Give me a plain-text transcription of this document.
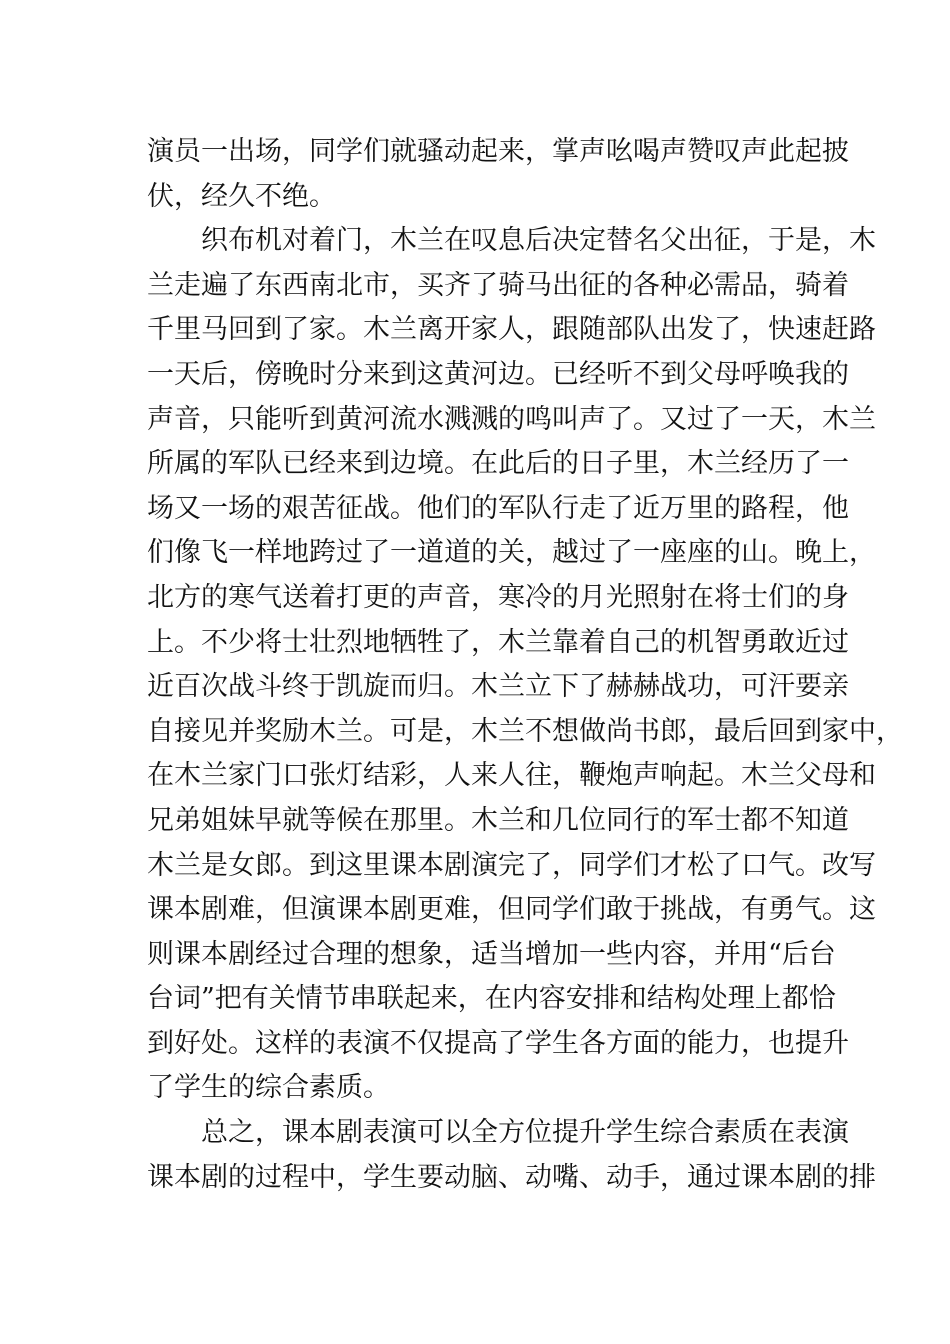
演员一出场，同学们就骚动起来，掌声吆喝声赞叹声此起披
伏，经久不绝。
织布机对着门，木兰在叹息后决定替名父出征，于是，木
兰走遍了东西南北市，买齐了骑马出征的各种必需品，骑着
千里马回到了家。木兰离开家人，跟随部队出发了，快速赶路
一天后，傍晚时分来到这黄河边。已经听不到父母呼唤我的
声音，只能听到黄河流水溅溅的鸣叫声了。又过了一天，木兰
所属的军队已经来到边境。在此后的日子里，木兰经历了一
场又一场的艰苦征战。他们的军队行走了近万里的路程，他
们像飞一样地跨过了一道道的关，越过了一座座的山。晚上，
北方的寒气送着打更的声音，寒冷的月光照射在将士们的身
上。不少将士壮烈地牺牲了，木兰靠着自己的机智勇敢近过
近百次战斗终于凯旋而归。木兰立下了赫赫战功，可汗要亲
自接见并奖励木兰。可是，木兰不想做尚书郎，最后回到家中，
在木兰家门口张灯结彩，人来人往，鞭炮声响起。木兰父母和
兄弟姐妹早就等候在那里。木兰和几位同行的军士都不知道
木兰是女郎。到这里课本剧演完了，同学们才松了口气。改写
课本剧难，但演课本剧更难，但同学们敢于挑战，有勇气。这
则课本剧经过合理的想象，适当增加一些内容，并用“后台
台词”把有关情节串联起来，在内容安排和结构处理上都恰
到好处。这样的表演不仅提高了学生各方面的能力，也提升
了学生的综合素质。
总之，课本剧表演可以全方位提升学生综合素质在表演
课本剧的过程中，学生要动脑、动嘴、动手，通过课本剧的排
